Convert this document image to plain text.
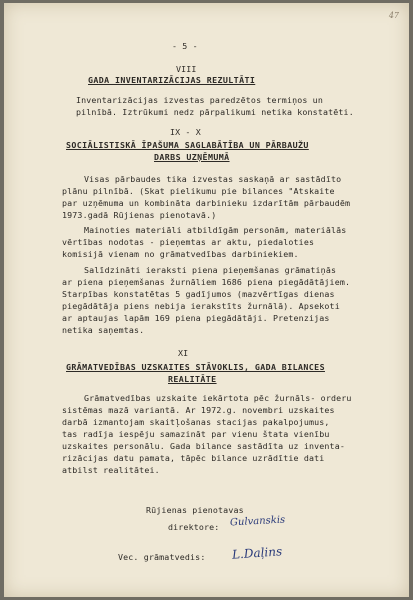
47
- 5 -
VIII
GADA INVENTARIZĀCIJAS REZULTĀTI
Inventarizācijas izvestas paredzētos termiņos un
pilnībā. Iztrūkumi nedz pārpalikumi netika konstatēti.
IX - X
SOCIĀLISTISKĀ ĪPAŠUMA SAGLABĀTĪBA UN PĀRBAUŽU
DARBS UZŅĒMUMĀ
Visas pārbaudes tika izvestas saskaņā ar sastādīto
plānu pilnībā. (Skat pielikumu pie bilances "Atskaite
par uzņēmuma un kombināta darbinieku izdarītām pārbaudēm
1973.gadā Rūjienas pienotavā.)
Mainoties materiāli atbildīgām personām, materiālās
vērtības nodotas - pieņemtas ar aktu, piedaloties
komisijā vienam no grāmatvedības darbiniekiem.
Salīdzināti ieraksti piena pieņemšanas grāmatiņās
ar piena pieņemšanas žurnāliem 1686 piena piegādātājiem.
Starpības konstatētas 5 gadījumos (mazvērtīgas dienas
piegādātāja piens nebija ierakstīts žurnālā). Apsekoti
ar aptaujas lapām 169 piena piegādātāji. Pretenzijas
netika saņemtas.
XI
GRĀMATVEDĪBAS UZSKAITES STĀVOKLIS, GADA BILANCES
REALITĀTE
Grāmatvedības uzskaite iekārtota pēc žurnāls- orderu
sistēmas mazā variantā. Ar 1972.g. novembri uzskaites
darbā izmantojam skaitļošanas stacijas pakalpojumus,
tas radīja iespēju samazināt par vienu štata vienību
uzskaites personālu. Gada bilance sastādīta uz inventa-
rizācijas datu pamata, tāpēc bilance uzrādītie dati
atbilst realitātei.
Rūjienas pienotavas
direktore: Gulvanskis
Vec. grāmatvedis: L.Daļins
